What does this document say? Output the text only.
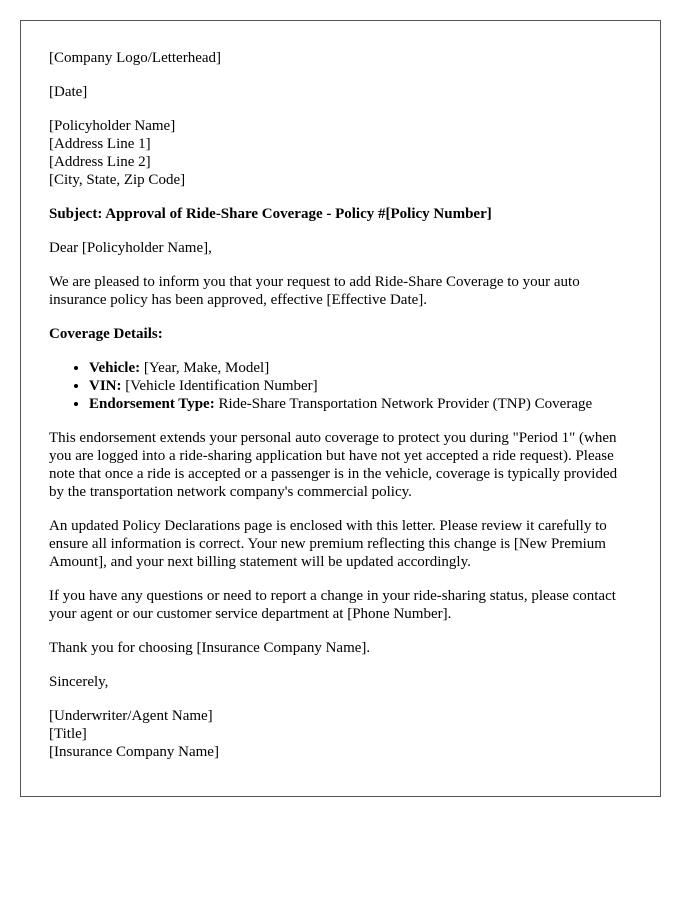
[Company Logo/Letterhead]

[Date]

[Policyholder Name]
[Address Line 1]
[Address Line 2]
[City, State, Zip Code]

Subject: Approval of Ride-Share Coverage - Policy #[Policy Number]

Dear [Policyholder Name],

We are pleased to inform you that your request to add Ride-Share Coverage to your auto insurance policy has been approved, effective [Effective Date].

Coverage Details:

• Vehicle: [Year, Make, Model]
• VIN: [Vehicle Identification Number]
• Endorsement Type: Ride-Share Transportation Network Provider (TNP) Coverage

This endorsement extends your personal auto coverage to protect you during "Period 1" (when you are logged into a ride-sharing application but have not yet accepted a ride request). Please note that once a ride is accepted or a passenger is in the vehicle, coverage is typically provided by the transportation network company's commercial policy.

An updated Policy Declarations page is enclosed with this letter. Please review it carefully to ensure all information is correct. Your new premium reflecting this change is [New Premium Amount], and your next billing statement will be updated accordingly.

If you have any questions or need to report a change in your ride-sharing status, please contact your agent or our customer service department at [Phone Number].

Thank you for choosing [Insurance Company Name].

Sincerely,

[Underwriter/Agent Name]
[Title]
[Insurance Company Name]
